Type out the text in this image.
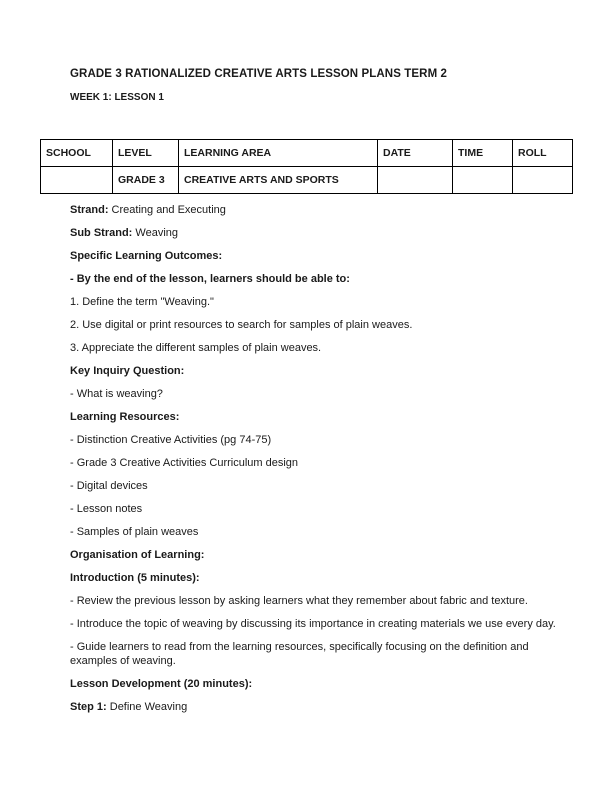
GRADE 3 RATIONALIZED CREATIVE ARTS LESSON PLANS TERM 2
WEEK 1: LESSON 1
SCHOOL	LEVEL	LEARNING AREA	DATE	TIME	ROLL
	GRADE 3	CREATIVE ARTS AND SPORTS			

Strand: Creating and Executing

Sub Strand: Weaving

Specific Learning Outcomes:

- By the end of the lesson, learners should be able to:

1. Define the term "Weaving."

2. Use digital or print resources to search for samples of plain weaves.

3. Appreciate the different samples of plain weaves.

Key Inquiry Question:

- What is weaving?

Learning Resources:

- Distinction Creative Activities (pg 74-75)

- Grade 3 Creative Activities Curriculum design

- Digital devices

- Lesson notes

- Samples of plain weaves

Organisation of Learning:

Introduction (5 minutes):

- Review the previous lesson by asking learners what they remember about fabric and texture.

- Introduce the topic of weaving by discussing its importance in creating materials we use every day.

- Guide learners to read from the learning resources, specifically focusing on the definition and examples of weaving.

Lesson Development (20 minutes):

Step 1: Define Weaving
